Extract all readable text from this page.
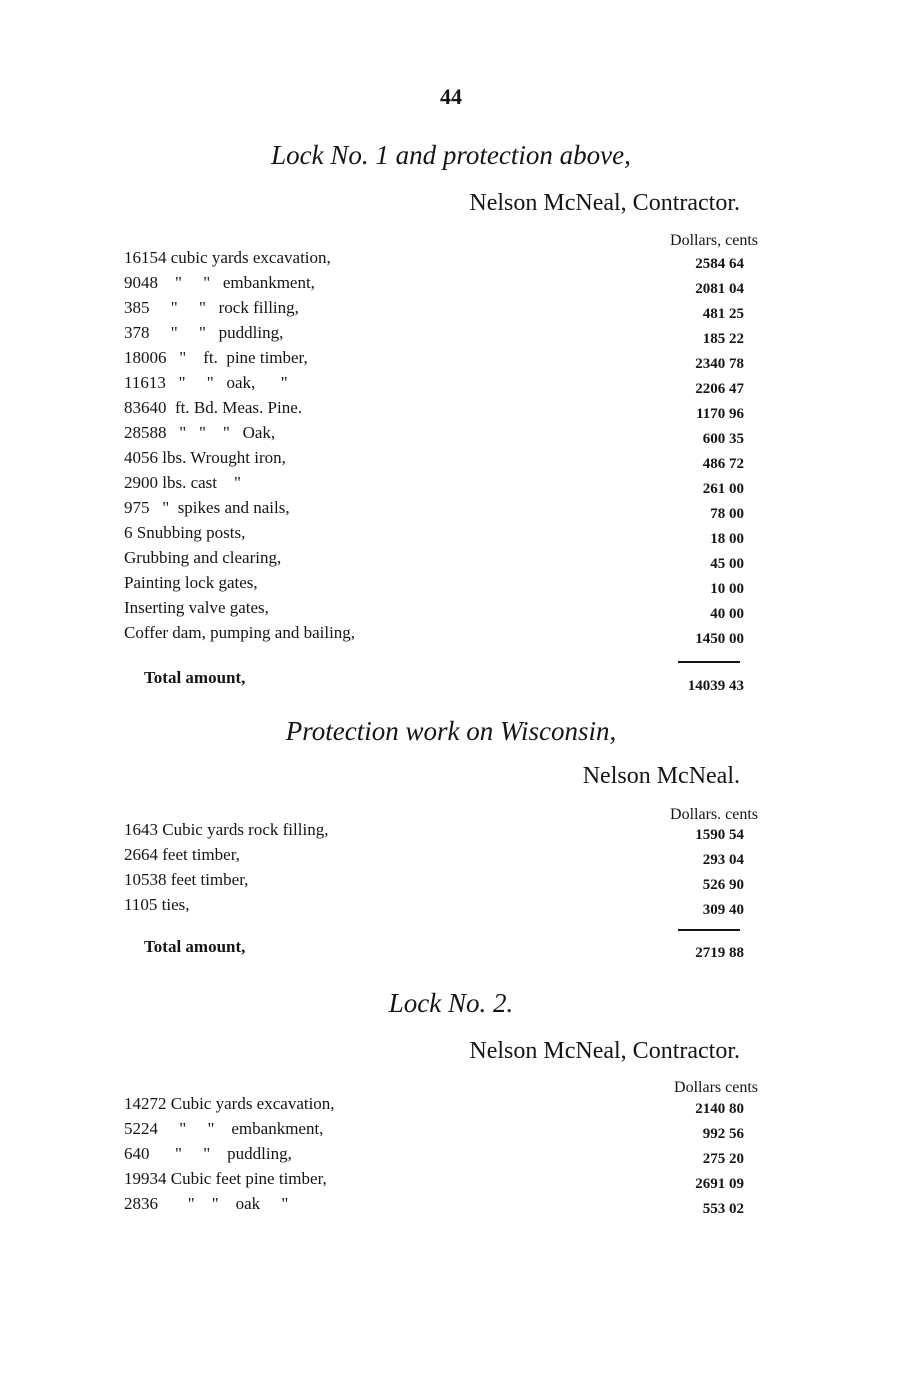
44
Lock No. 1 and protection above,
Nelson McNeal, Contractor.
Dollars, cents
16154 cubic yards excavation,	2584 64
9048    "     "   embankment,	2081 04
385     "     "   rock filling,	481 25
378     "     "   puddling,	185 22
18006   "    ft.  pine timber,	2340 78
11613   "     "   oak,      "	2206 47
83640  ft. Bd. Meas. Pine.	1170 96
28588   "   "    "   Oak,	600 35
4056 lbs. Wrought iron,	486 72
2900 lbs. cast    "	261 00
975   "  spikes and nails,	78 00
6 Snubbing posts,	18 00
Grubbing and clearing,	45 00
Painting lock gates,	10 00
Inserting valve gates,	40 00
Coffer dam, pumping and bailing,	1450 00
Total amount,	14039 43
Protection work on Wisconsin,
Nelson McNeal.
Dollars. cents
1643 Cubic yards rock filling,	1590 54
2664 feet timber,	293 04
10538 feet timber,	526 90
1105 ties,	309 40
Total amount,	2719 88
Lock No. 2.
Nelson McNeal, Contractor.
Dollars cents
14272 Cubic yards excavation,	2140 80
5224     "     "    embankment,	992 56
640      "     "    puddling,	275 20
19934 Cubic feet pine timber,	2691 09
2836       "    "    oak     "	553 02
